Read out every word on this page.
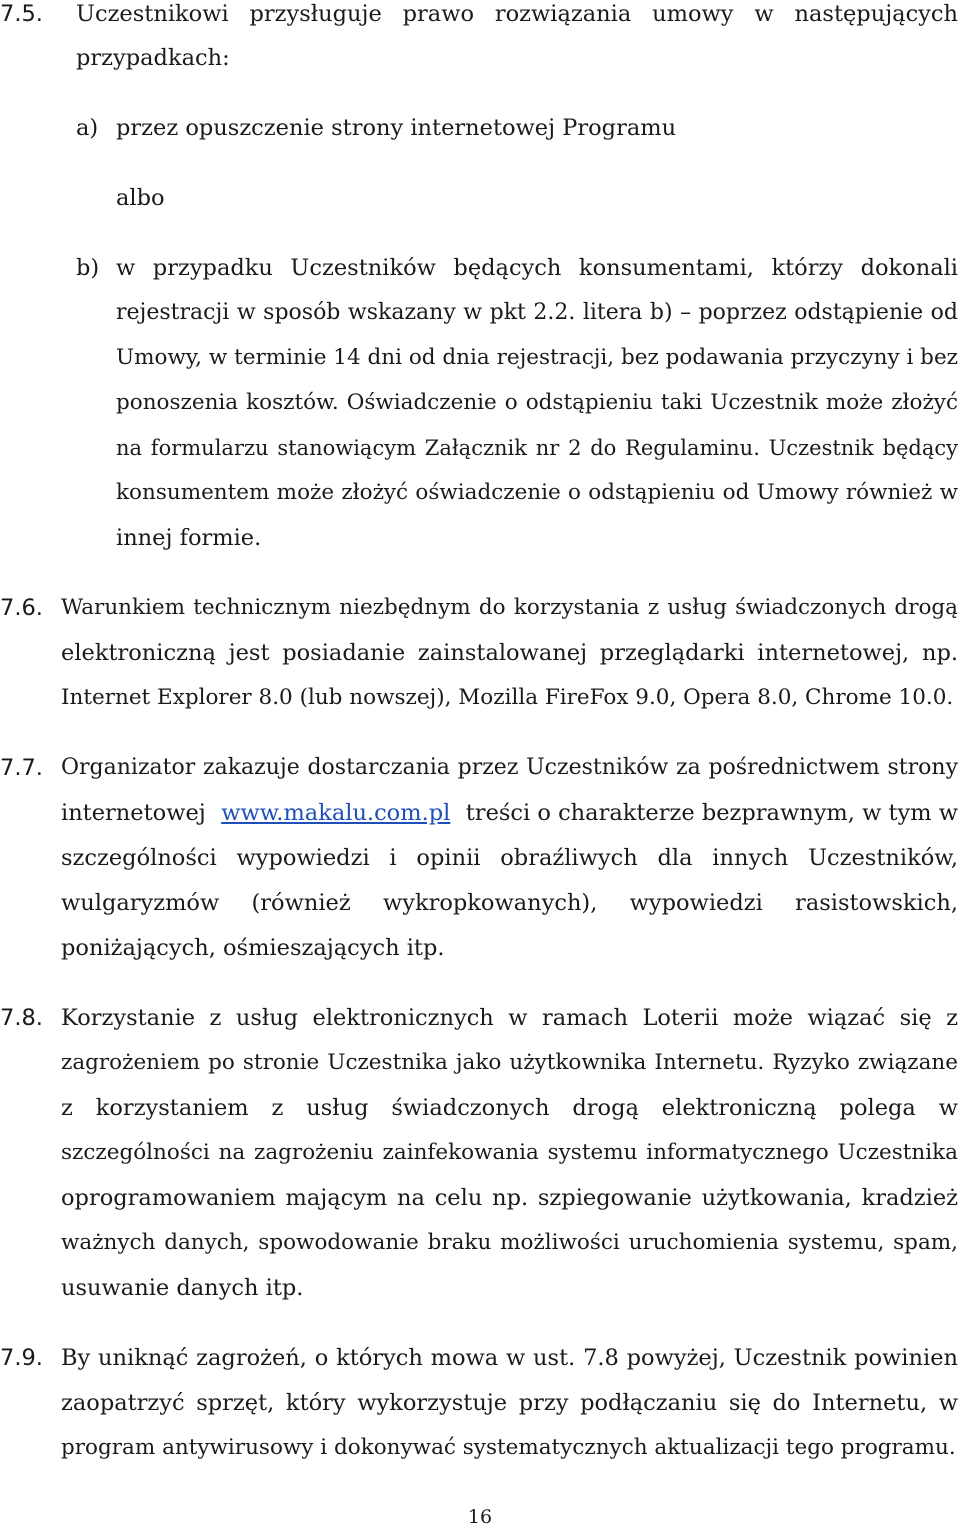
7.5. Uczestnikowi przysługuje prawo rozwiązania umowy w następujących
przypadkach:
a) przez opuszczenie strony internetowej Programu
albo
b) w przypadku Uczestników będących konsumentami, którzy dokonali
rejestracji w sposób wskazany w pkt 2.2. litera b) – poprzez odstąpienie od
Umowy, w terminie 14 dni od dnia rejestracji, bez podawania przyczyny i bez
ponoszenia kosztów. Oświadczenie o odstąpieniu taki Uczestnik może złożyć
na formularzu stanowiącym Załącznik nr 2 do Regulaminu. Uczestnik będący
konsumentem może złożyć oświadczenie o odstąpieniu od Umowy również w
innej formie.
7.6. Warunkiem technicznym niezbędnym do korzystania z usług świadczonych drogą
elektroniczną jest posiadanie zainstalowanej przeglądarki internetowej, np.
Internet Explorer 8.0 (lub nowszej), Mozilla FireFox 9.0, Opera 8.0, Chrome 10.0.
7.7. Organizator zakazuje dostarczania przez Uczestników za pośrednictwem strony
internetowej www.makalu.com.pl treści o charakterze bezprawnym, w tym w
szczególności wypowiedzi i opinii obraźliwych dla innych Uczestników,
wulgaryzmów (również wykropkowanych), wypowiedzi rasistowskich,
poniżających, ośmieszających itp.
7.8. Korzystanie z usług elektronicznych w ramach Loterii może wiązać się z
zagrożeniem po stronie Uczestnika jako użytkownika Internetu. Ryzyko związane
z korzystaniem z usług świadczonych drogą elektroniczną polega w
szczególności na zagrożeniu zainfekowania systemu informatycznego Uczestnika
oprogramowaniem mającym na celu np. szpiegowanie użytkowania, kradzież
ważnych danych, spowodowanie braku możliwości uruchomienia systemu, spam,
usuwanie danych itp.
7.9. By uniknąć zagrożeń, o których mowa w ust. 7.8 powyżej, Uczestnik powinien
zaopatrzyć sprzęt, który wykorzystuje przy podłączaniu się do Internetu, w
program antywirusowy i dokonywać systematycznych aktualizacji tego programu.
16
